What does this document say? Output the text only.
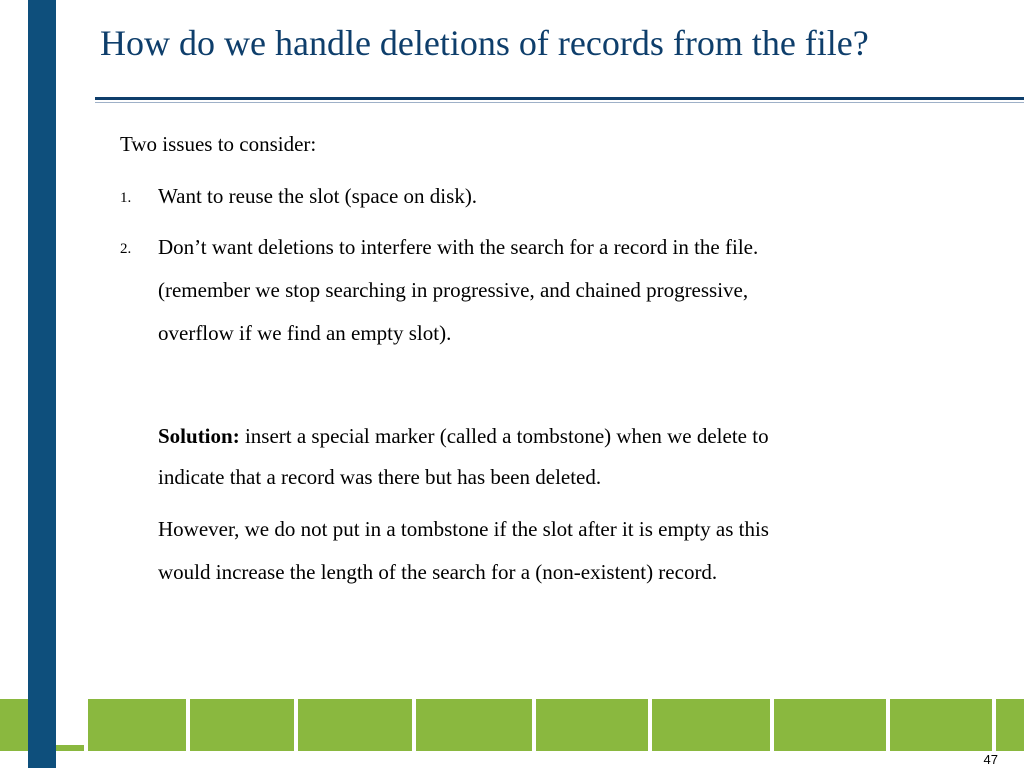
How do we handle deletions of records from the file?
Two issues to consider:
1. Want to reuse the slot (space on disk).
2. Don’t want deletions to interfere with the search for a record in the file.
(remember we stop searching in progressive, and chained progressive,
overflow if we find an empty slot).
Solution: insert a special marker (called a tombstone) when we delete to
indicate that a record was there but has been deleted.
However, we do not put in a tombstone if the slot after it is empty as this
would increase the length of the search for a (non-existent) record.
47
